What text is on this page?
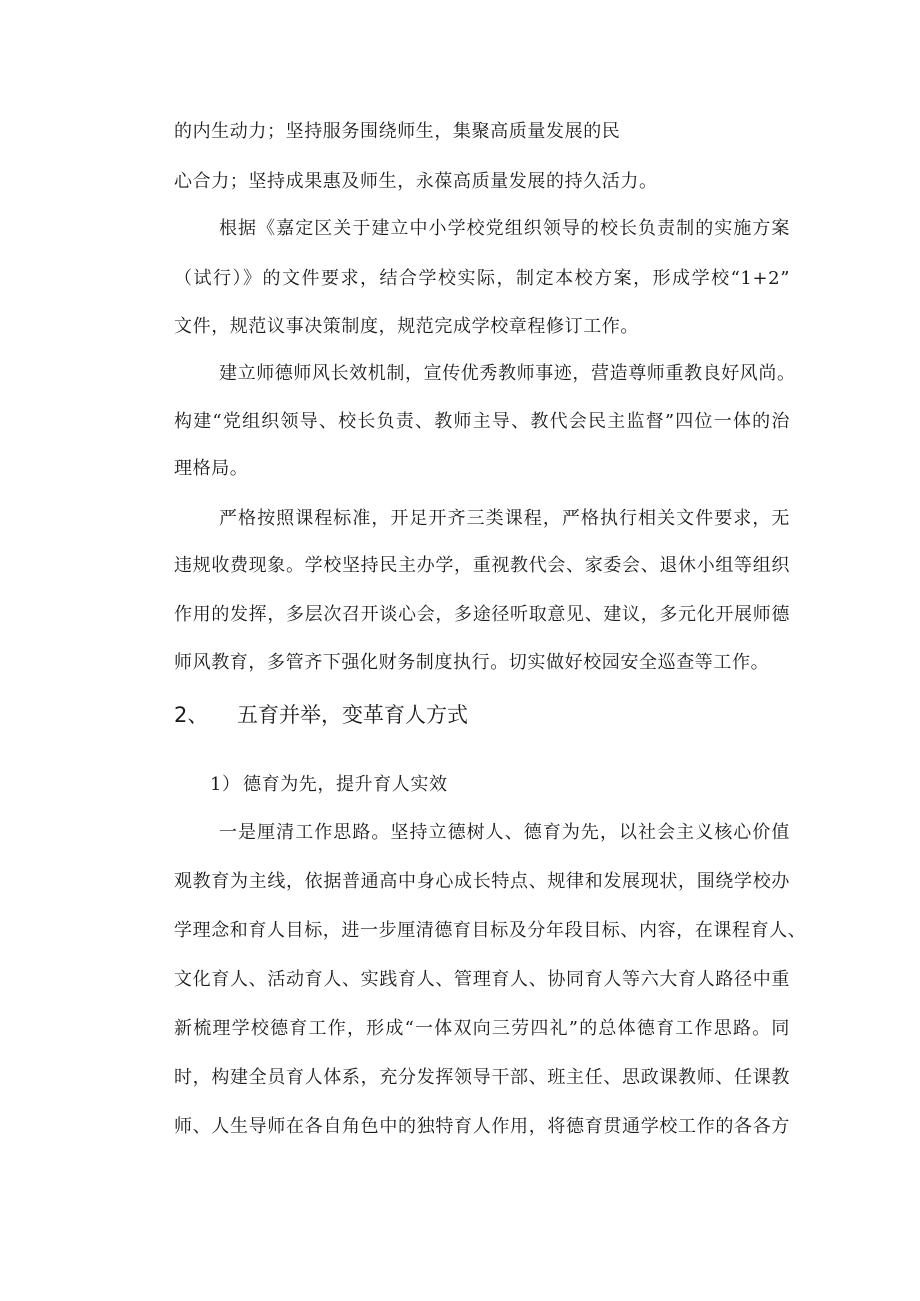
的内生动力；坚持服务围绕师生，集聚高质量发展的民
心合力；坚持成果惠及师生，永葆高质量发展的持久活力。
根据《嘉定区关于建立中小学校党组织领导的校长负责制的实施方案
（试行）》的文件要求，结合学校实际，制定本校方案，形成学校“1+2”
文件，规范议事决策制度，规范完成学校章程修订工作。
建立师德师风长效机制，宣传优秀教师事迹，营造尊师重教良好风尚。
构建“党组织领导、校长负责、教师主导、教代会民主监督”四位一体的治
理格局。
严格按照课程标准，开足开齐三类课程，严格执行相关文件要求，无
违规收费现象。学校坚持民主办学，重视教代会、家委会、退休小组等组织
作用的发挥，多层次召开谈心会，多途径听取意见、建议，多元化开展师德
师风教育，多管齐下强化财务制度执行。切实做好校园安全巡查等工作。
2、 五育并举，变革育人方式
1） 德育为先，提升育人实效
一是厘清工作思路。坚持立德树人、德育为先，以社会主义核心价值
观教育为主线，依据普通高中身心成长特点、规律和发展现状，围绕学校办
学理念和育人目标，进一步厘清德育目标及分年段目标、内容，在课程育人、
文化育人、活动育人、实践育人、管理育人、协同育人等六大育人路径中重
新梳理学校德育工作，形成“一体双向三劳四礼”的总体德育工作思路。同
时，构建全员育人体系，充分发挥领导干部、班主任、思政课教师、任课教
师、人生导师在各自角色中的独特育人作用，将德育贯通学校工作的各各方
